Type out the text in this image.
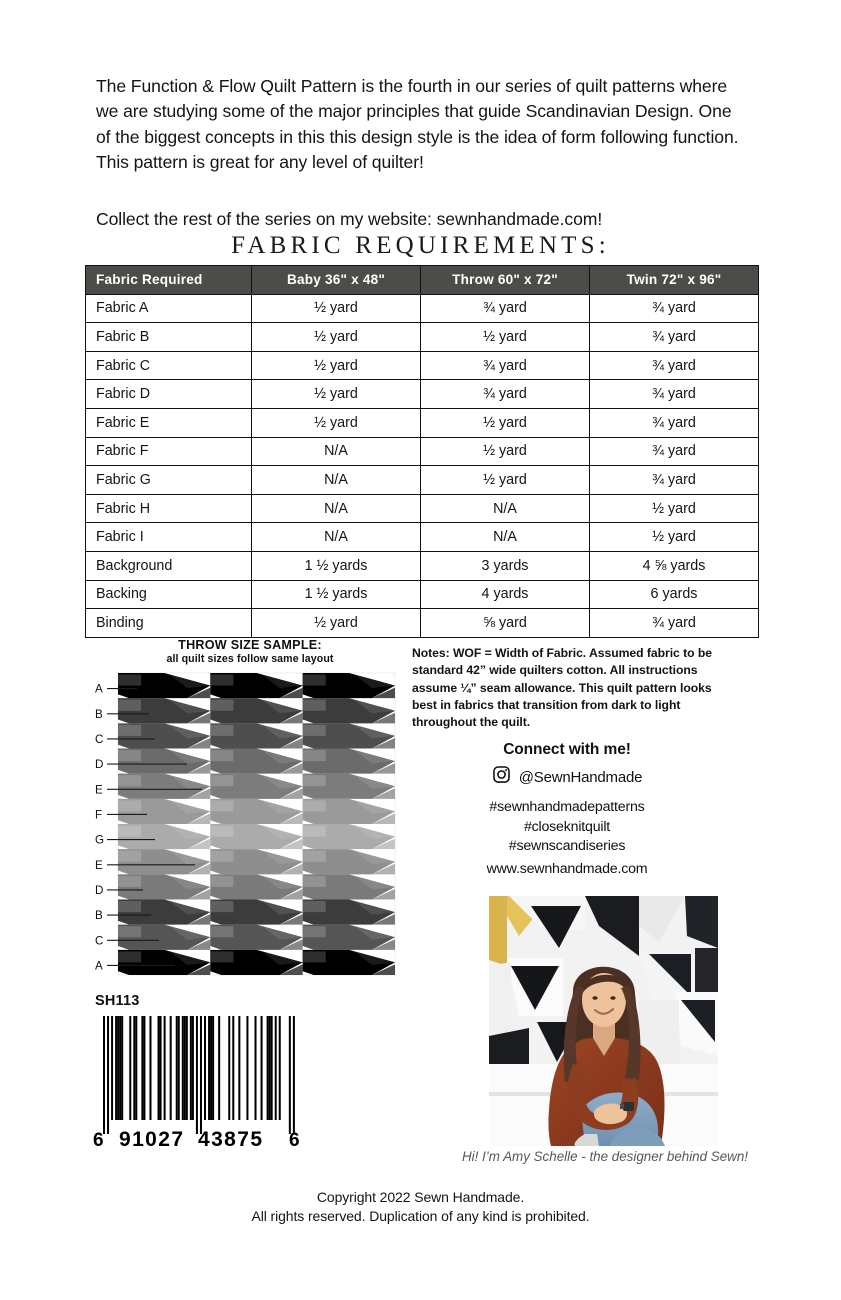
The Function & Flow Quilt Pattern is the fourth in our series of quilt patterns where we are studying some of the major principles that guide Scandinavian Design. One of the biggest concepts in this this design style is the idea of form following function. This pattern is great for any level of quilter!

Collect the rest of the series on my website: sewnhandmade.com!

FABRIC REQUIREMENTS:
Fabric Required	Baby 36" x 48"	Throw 60" x 72"	Twin 72" x 96"
Fabric A	½ yard	¾ yard	¾ yard
Fabric B	½ yard	½ yard	¾ yard
Fabric C	½ yard	¾ yard	¾ yard
Fabric D	½ yard	¾ yard	¾ yard
Fabric E	½ yard	½ yard	¾ yard
Fabric F	N/A	½ yard	¾ yard
Fabric G	N/A	½ yard	¾ yard
Fabric H	N/A	N/A	½ yard
Fabric I	N/A	N/A	½ yard
Background	1 ½ yards	3 yards	4 ⅝ yards
Backing	1 ½ yards	4 yards	6 yards
Binding	½ yard	⅝ yard	¾ yard
THROW SIZE SAMPLE:
all quilt sizes follow same layout
A
B
C
D
E
F
G
E
D
B
C
A
SH113
6 91027 43875 6

Notes: WOF = Width of Fabric. Assumed fabric to be standard 42” wide quilters cotton. All instructions assume ¼” seam allowance. This quilt pattern looks best in fabrics that transition from dark to light throughout the quilt.

Connect with me!
@SewnHandmade
#sewnhandmadepatterns
#closeknitquilt
#sewnscandiseries
www.sewnhandmade.com
Hi! I’m Amy Schelle - the designer behind Sewn!
Copyright 2022 Sewn Handmade.
All rights reserved. Duplication of any kind is prohibited.
